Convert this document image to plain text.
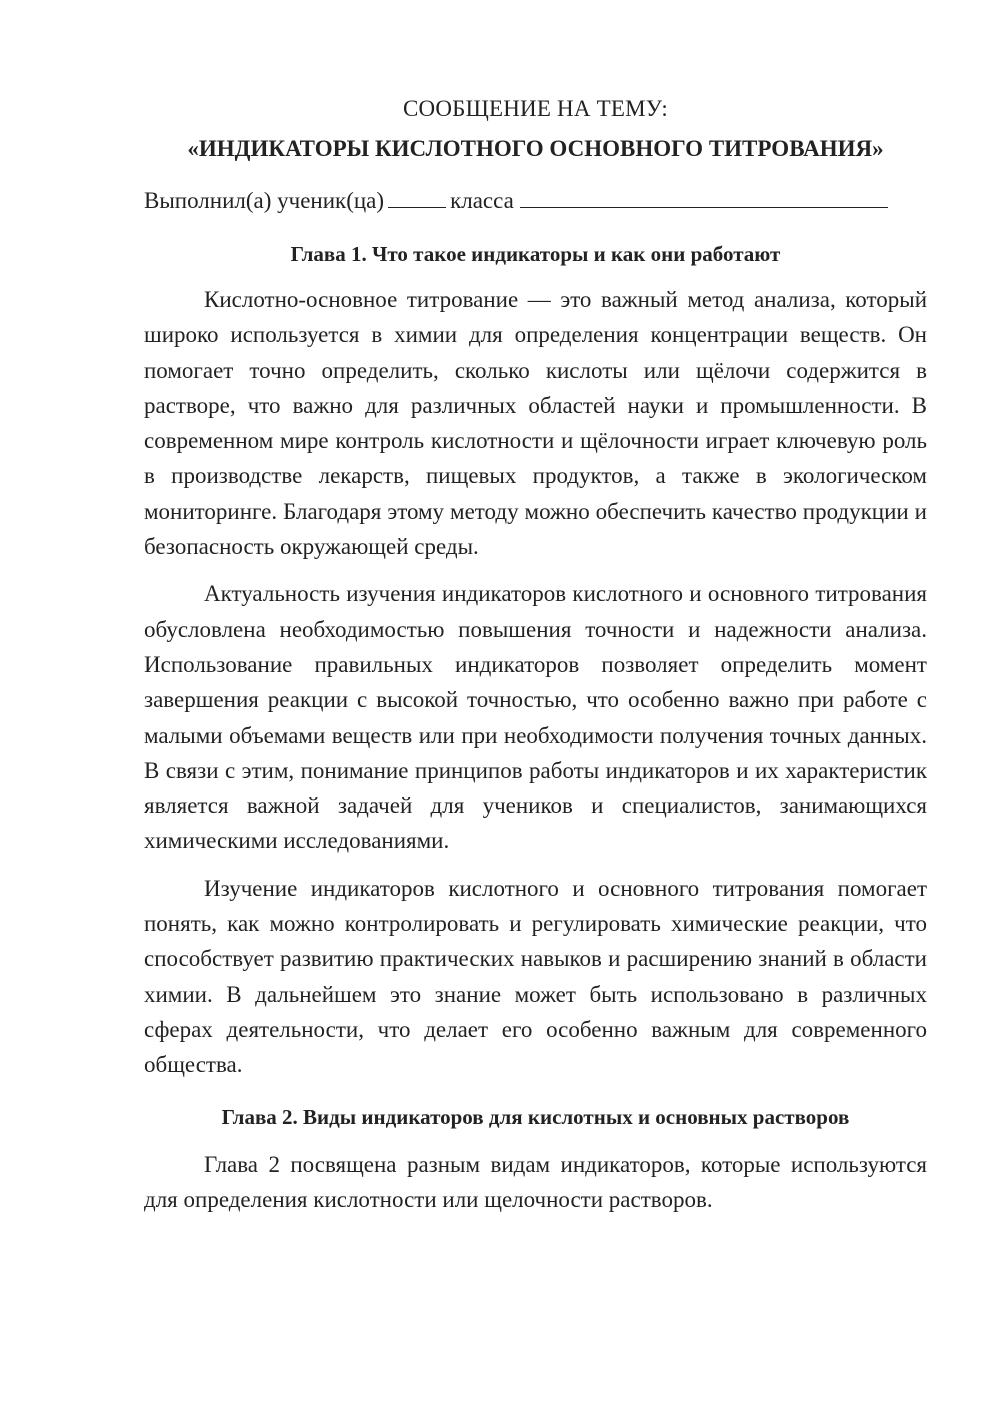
СООБЩЕНИЕ НА ТЕМУ:
«ИНДИКАТОРЫ КИСЛОТНОГО ОСНОВНОГО ТИТРОВАНИЯ»

Выполнил(а) ученик(ца)	класса

Глава 1. Что такое индикаторы и как они работают

Кислотно-основное титрование — это важный метод анализа, который широко используется в химии для определения концентрации веществ. Он помогает точно определить, сколько кислоты или щёлочи содержится в растворе, что важно для различных областей науки и промышленности. В современном мире контроль кислотности и щёлочности играет ключевую роль в производстве лекарств, пищевых продуктов, а также в экологическом мониторинге. Благодаря этому методу можно обеспечить качество продукции и безопасность окружающей среды.

Актуальность изучения индикаторов кислотного и основного титрования обусловлена необходимостью повышения точности и надежности анализа. Использование правильных индикаторов позволяет определить момент завершения реакции с высокой точностью, что особенно важно при работе с малыми объемами веществ или при необходимости получения точных данных. В связи с этим, понимание принципов работы индикаторов и их характеристик является важной задачей для учеников и специалистов, занимающихся химическими исследованиями.

Изучение индикаторов кислотного и основного титрования помогает понять, как можно контролировать и регулировать химические реакции, что способствует развитию практических навыков и расширению знаний в области химии. В дальнейшем это знание может быть использовано в различных сферах деятельности, что делает его особенно важным для современного общества.

Глава 2. Виды индикаторов для кислотных и основных растворов

Глава 2 посвящена разным видам индикаторов, которые используются для определения кислотности или щелочности растворов.
